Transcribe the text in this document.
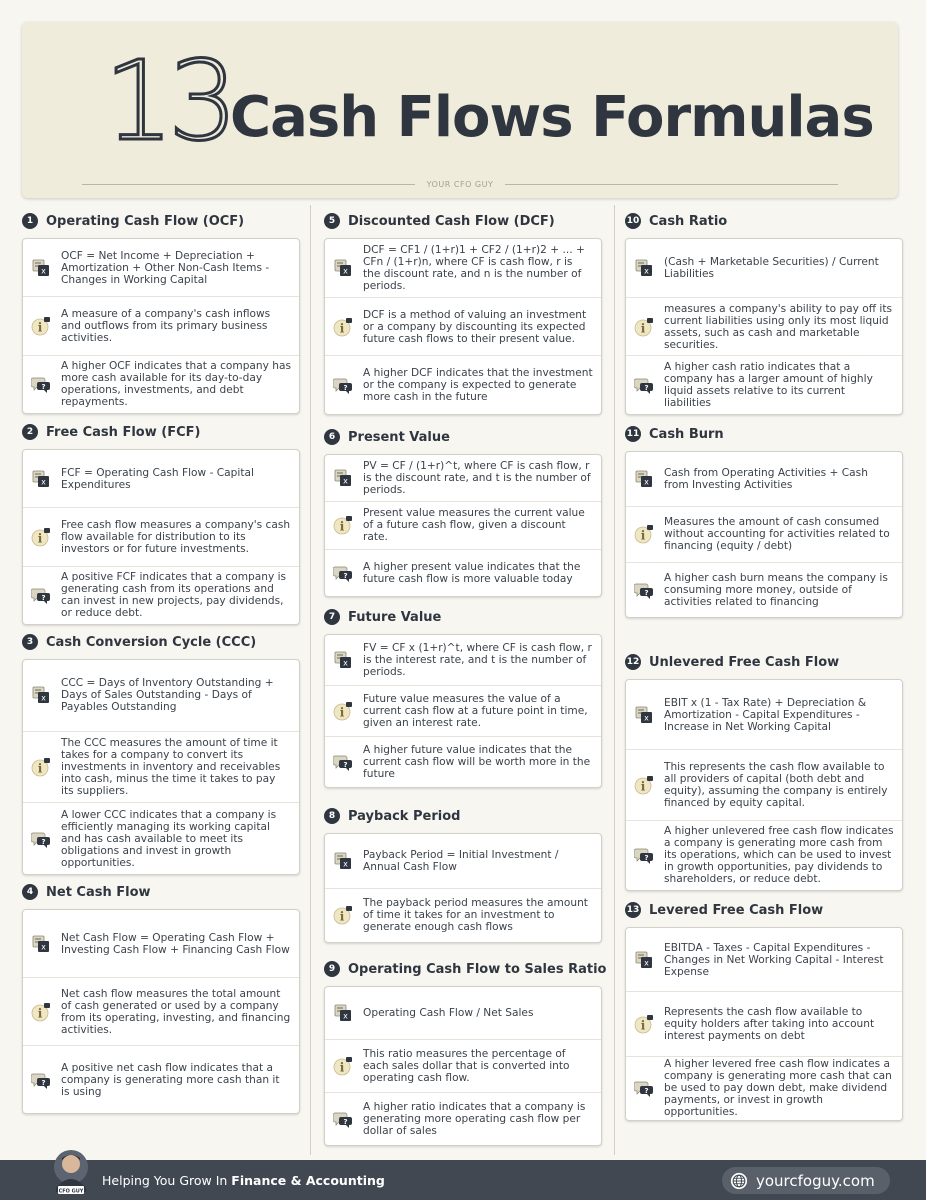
13
Cash Flows Formulas
YOUR CFO GUY
1 Operating Cash Flow (OCF)
x
OCF = Net Income + Depreciation + Amortization + Other Non-Cash Items - Changes in Working Capital
i
A measure of a company's cash inflows and outflows from its primary business activities.
?
A higher OCF indicates that a company has more cash available for its day-to-day operations, investments, and debt repayments.
2 Free Cash Flow (FCF)
x
FCF = Operating Cash Flow - Capital Expenditures
i
Free cash flow measures a company's cash flow available for distribution to its investors or for future investments.
?
A positive FCF indicates that a company is generating cash from its operations and can invest in new projects, pay dividends, or reduce debt.
3 Cash Conversion Cycle (CCC)
x
CCC = Days of Inventory Outstanding + Days of Sales Outstanding - Days of Payables Outstanding
i
The CCC measures the amount of time it takes for a company to convert its investments in inventory and receivables into cash, minus the time it takes to pay its suppliers.
?
A lower CCC indicates that a company is efficiently managing its working capital and has cash available to meet its obligations and invest in growth opportunities.
4 Net Cash Flow
x
Net Cash Flow = Operating Cash Flow + Investing Cash Flow + Financing Cash Flow
i
Net cash flow measures the total amount of cash generated or used by a company from its operating, investing, and financing activities.
?
A positive net cash flow indicates that a company is generating more cash than it is using
5 Discounted Cash Flow (DCF)
x
DCF = CF1 / (1+r)1 + CF2 / (1+r)2 + ... + CFn / (1+r)n, where CF is cash flow, r is the discount rate, and n is the number of periods.
i
DCF is a method of valuing an investment or a company by discounting its expected future cash flows to their present value.
?
A higher DCF indicates that the investment or the company is expected to generate more cash in the future
6 Present Value
x
PV = CF / (1+r)^t, where CF is cash flow, r is the discount rate, and t is the number of periods.
i
Present value measures the current value of a future cash flow, given a discount rate.
?
A higher present value indicates that the future cash flow is more valuable today
7 Future Value
x
FV = CF x (1+r)^t, where CF is cash flow, r is the interest rate, and t is the number of periods.
i
Future value measures the value of a current cash flow at a future point in time, given an interest rate.
?
A higher future value indicates that the current cash flow will be worth more in the future
8 Payback Period
x
Payback Period = Initial Investment / Annual Cash Flow
i
The payback period measures the amount of time it takes for an investment to generate enough cash flows
9 Operating Cash Flow to Sales Ratio
x Operating Cash Flow / Net Sales
i
This ratio measures the percentage of each sales dollar that is converted into operating cash flow.
?
A higher ratio indicates that a company is generating more operating cash flow per dollar of sales
10 Cash Ratio
x
(Cash + Marketable Securities) / Current Liabilities
i
measures a company's ability to pay off its current liabilities using only its most liquid assets, such as cash and marketable securities.
?
A higher cash ratio indicates that a company has a larger amount of highly liquid assets relative to its current liabilities
11 Cash Burn
x
Cash from Operating Activities + Cash from Investing Activities
i
Measures the amount of cash consumed without accounting for activities related to financing (equity / debt)
?
A higher cash burn means the company is consuming more money, outside of activities related to financing
12 Unlevered Free Cash Flow
x
EBIT x (1 - Tax Rate) + Depreciation & Amortization - Capital Expenditures - Increase in Net Working Capital
i
This represents the cash flow available to all providers of capital (both debt and equity), assuming the company is entirely financed by equity capital.
?
A higher unlevered free cash flow indicates a company is generating more cash from its operations, which can be used to invest in growth opportunities, pay dividends to shareholders, or reduce debt.
13 Levered Free Cash Flow
x
EBITDA - Taxes - Capital Expenditures - Changes in Net Working Capital - Interest Expense
i
Represents the cash flow available to equity holders after taking into account interest payments on debt
?
A higher levered free cash flow indicates a company is generating more cash that can be used to pay down debt, make dividend payments, or invest in growth opportunities.
CFO GUY
Helping You Grow In Finance & Accounting	yourcfoguy.com
